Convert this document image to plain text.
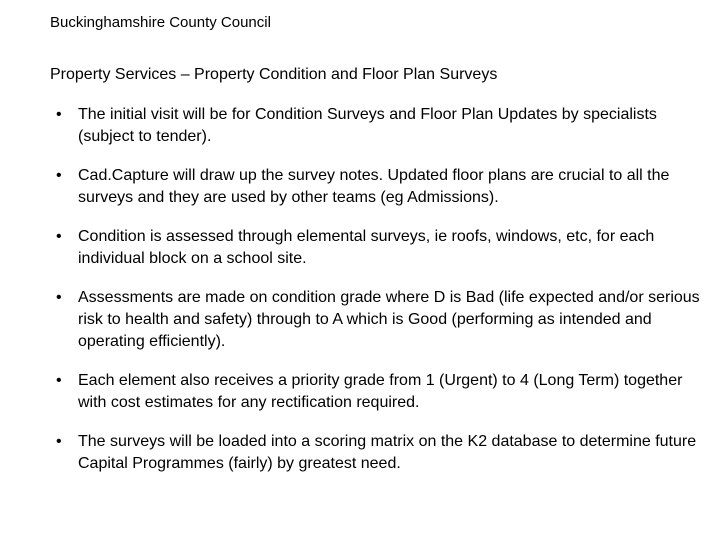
Buckinghamshire County Council
Property Services – Property Condition and Floor Plan Surveys
• The initial visit will be for Condition Surveys and Floor Plan Updates by specialists (subject to tender).
• Cad.Capture will draw up the survey notes. Updated floor plans are crucial to all the surveys and they are used by other teams (eg Admissions).
• Condition is assessed through elemental surveys, ie roofs, windows, etc, for each individual block on a school site.
• Assessments are made on condition grade where D is Bad (life expected and/or serious risk to health and safety) through to A which is Good (performing as intended and operating efficiently).
• Each element also receives a priority grade from 1 (Urgent) to 4 (Long Term) together with cost estimates for any rectification required.
• The surveys will be loaded into a scoring matrix on the K2 database to determine future Capital Programmes (fairly) by greatest need.
